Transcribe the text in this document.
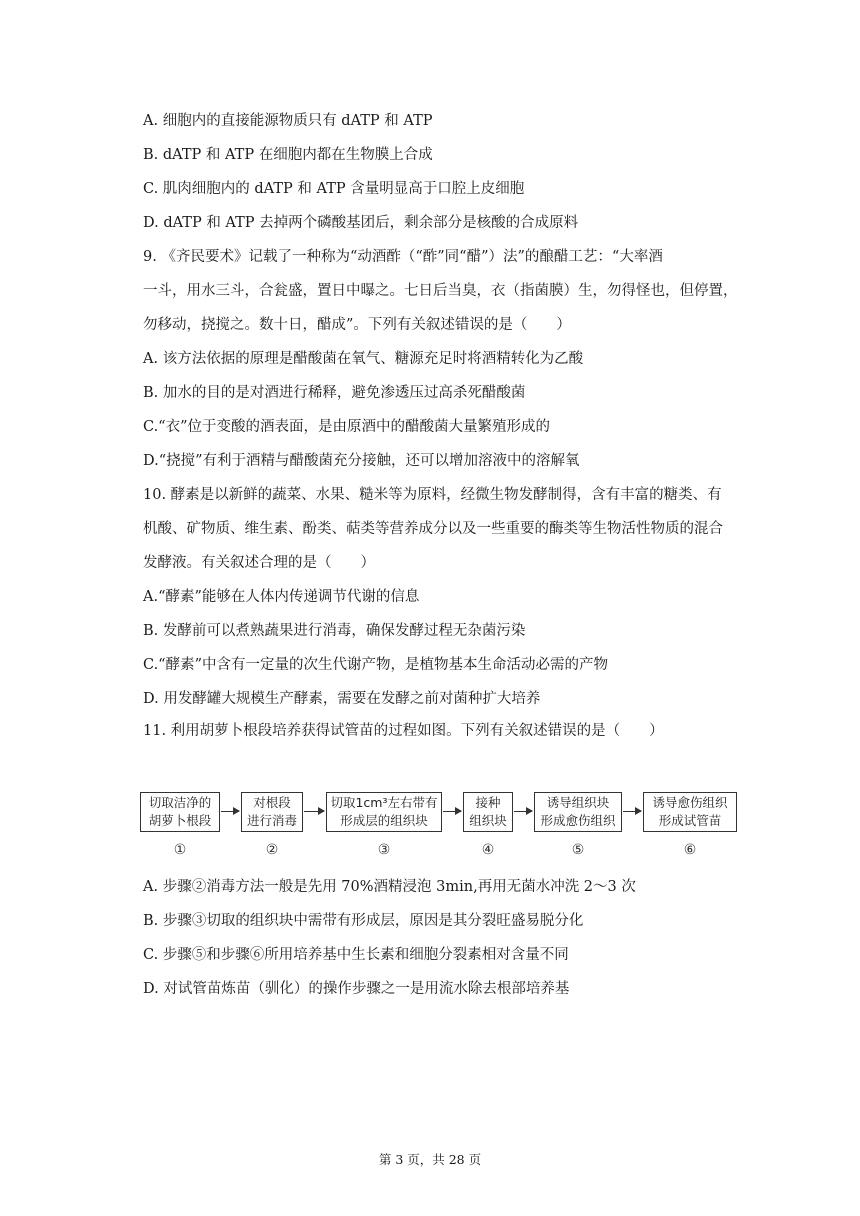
A. 细胞内的直接能源物质只有 dATP 和 ATP
B. dATP 和 ATP 在细胞内都在生物膜上合成
C. 肌肉细胞内的 dATP 和 ATP 含量明显高于口腔上皮细胞
D. dATP 和 ATP 去掉两个磷酸基团后，剩余部分是核酸的合成原料
9. 《齐民要术》记载了一种称为“动酒酢（“酢”同“醋”）法”的酿醋工艺：“大率酒
一斗，用水三斗，合瓮盛，置日中曝之。七日后当臭，衣（指菌膜）生，勿得怪也，但停置，
勿移动，挠搅之。数十日，醋成”。下列有关叙述错误的是（　　）
A. 该方法依据的原理是醋酸菌在氧气、糖源充足时将酒精转化为乙酸
B. 加水的目的是对酒进行稀释，避免渗透压过高杀死醋酸菌
C.“衣”位于变酸的酒表面，是由原酒中的醋酸菌大量繁殖形成的
D.“挠搅”有利于酒精与醋酸菌充分接触，还可以增加溶液中的溶解氧
10. 酵素是以新鲜的蔬菜、水果、糙米等为原料，经微生物发酵制得，含有丰富的糖类、有
机酸、矿物质、维生素、酚类、萜类等营养成分以及一些重要的酶类等生物活性物质的混合
发酵液。有关叙述合理的是（　　）
A.“酵素”能够在人体内传递调节代谢的信息
B. 发酵前可以煮熟蔬果进行消毒，确保发酵过程无杂菌污染
C.“酵素”中含有一定量的次生代谢产物，是植物基本生命活动必需的产物
D. 用发酵罐大规模生产酵素，需要在发酵之前对菌种扩大培养
11. 利用胡萝卜根段培养获得试管苗的过程如图。下列有关叙述错误的是（　　）
切取洁净的
胡萝卜根段
对根段
进行消毒
切取1cm³左右带有
形成层的组织块
接种
组织块
诱导组织块
形成愈伤组织
诱导愈伤组织
形成试管苗
①	②	③	④	⑤	⑥
A. 步骤②消毒方法一般是先用 70%酒精浸泡 3min,再用无菌水冲洗 2～3 次
B. 步骤③切取的组织块中需带有形成层，原因是其分裂旺盛易脱分化
C. 步骤⑤和步骤⑥所用培养基中生长素和细胞分裂素相对含量不同
D. 对试管苗炼苗（驯化）的操作步骤之一是用流水除去根部培养基
第 3 页，共 28 页
